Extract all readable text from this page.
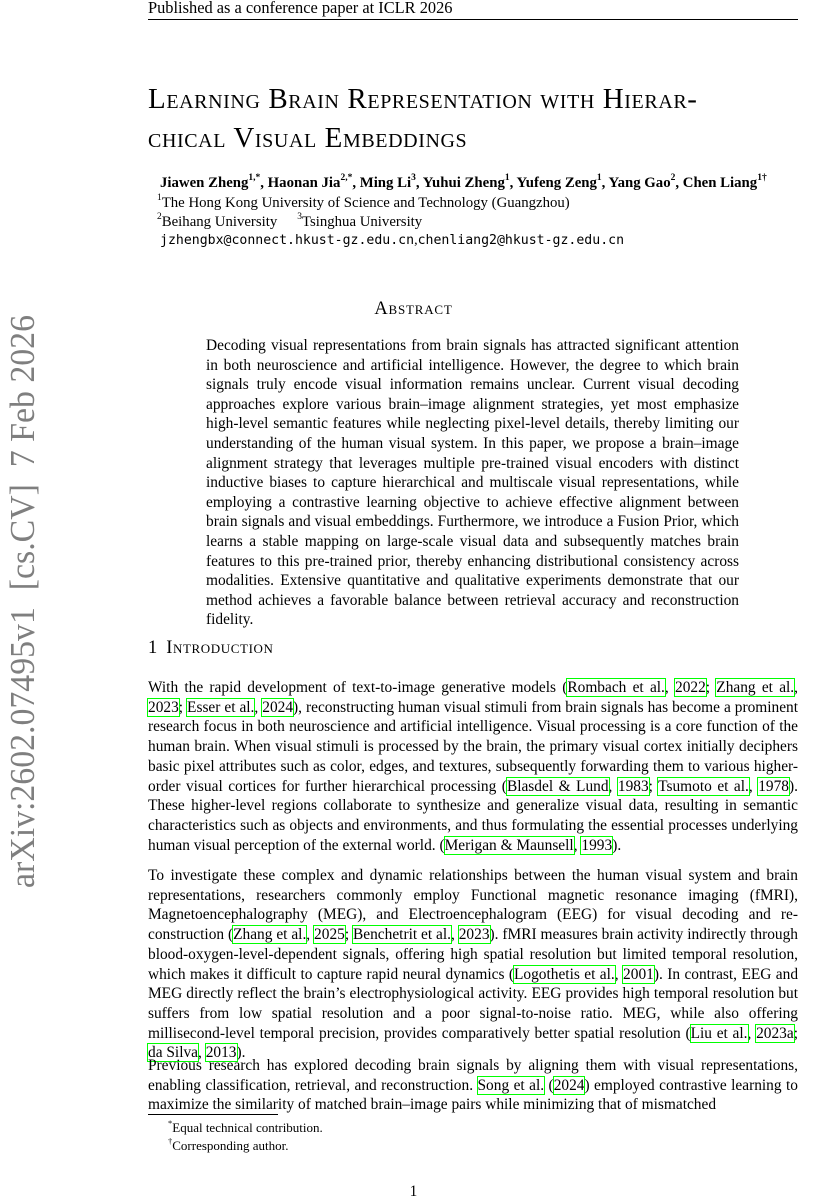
Published as a conference paper at ICLR 2026
Learning Brain Representation with Hierar-
chical Visual Embeddings
Jiawen Zheng$^{1,*}$, Haonan Jia$^{2,*}$, Ming Li$^3$, Yuhui Zheng$^1$, Yufeng Zeng$^1$, Yang Gao$^2$, Chen Liang$^{1\dagger}$
$^1$The Hong Kong University of Science and Technology (Guangzhou)
$^2$Beihang University $^3$Tsinghua University
jzhengbx@connect.hkust-gz.edu.cn,chenliang2@hkust-gz.edu.cn
arXiv:2602.07495v1  [cs.CV]  7 Feb 2026	Abstract
Decoding visual representations from brain signals has attracted significant attention in both neuroscience and artificial intelligence. However, the degree to which brain signals truly encode visual information remains unclear. Current visual decoding approaches explore various brain–image alignment strategies, yet most emphasize high-level semantic features while neglecting pixel-level details, thereby limiting our understanding of the human visual system. In this paper, we propose a brain–image alignment strategy that leverages multiple pre-trained visual encoders with distinct inductive biases to capture hierarchical and multiscale visual representations, while employing a contrastive learning objective to achieve effective alignment between brain signals and visual embeddings. Furthermore, we introduce a Fusion Prior, which learns a stable mapping on large-scale visual data and subsequently matches brain features to this pre-trained prior, thereby enhancing distributional consistency across modalities. Extensive quantitative and qualitative experiments demonstrate that our method achieves a favorable balance between retrieval accuracy and reconstruction fidelity.
1 Introduction
With the rapid development of text-to-image generative models (Rombach et al., 2022; Zhang et al., 2023; Esser et al., 2024), reconstructing human visual stimuli from brain signals has become a prominent research focus in both neuroscience and artificial intelligence. Visual processing is a core function of the human brain. When visual stimuli is processed by the brain, the primary visual cortex initially deciphers basic pixel attributes such as color, edges, and textures, subsequently forwarding them to various higher-order visual cortices for further hierarchical processing (Blasdel & Lund, 1983; Tsumoto et al., 1978). These higher-level regions collaborate to synthesize and generalize visual data, resulting in semantic characteristics such as objects and environments, and thus formulating the essential processes underlying human visual perception of the external world. (Merigan & Maunsell, 1993).
To investigate these complex and dynamic relationships between the human visual system and brain representations, researchers commonly employ Functional magnetic resonance imaging (fMRI), Magnetoencephalography (MEG), and Electroencephalogram (EEG) for visual decoding and reconstruction (Zhang et al., 2025; Benchetrit et al., 2023). fMRI measures brain activity indirectly through blood-oxygen-level-dependent signals, offering high spatial resolution but limited temporal resolution, which makes it difficult to capture rapid neural dynamics (Logothetis et al., 2001). In contrast, EEG and MEG directly reflect the brain’s electrophysiological activity. EEG provides high temporal resolution but suffers from low spatial resolution and a poor signal-to-noise ratio. MEG, while also offering millisecond-level temporal precision, provides comparatively better spatial resolution (Liu et al., 2023a; da Silva, 2013).
Previous research has explored decoding brain signals by aligning them with visual representations, enabling classification, retrieval, and reconstruction. Song et al. (2024) employed contrastive learning to maximize the similarity of matched brain–image pairs while minimizing that of mismatched
*Equal technical contribution.
†Corresponding author.
1
